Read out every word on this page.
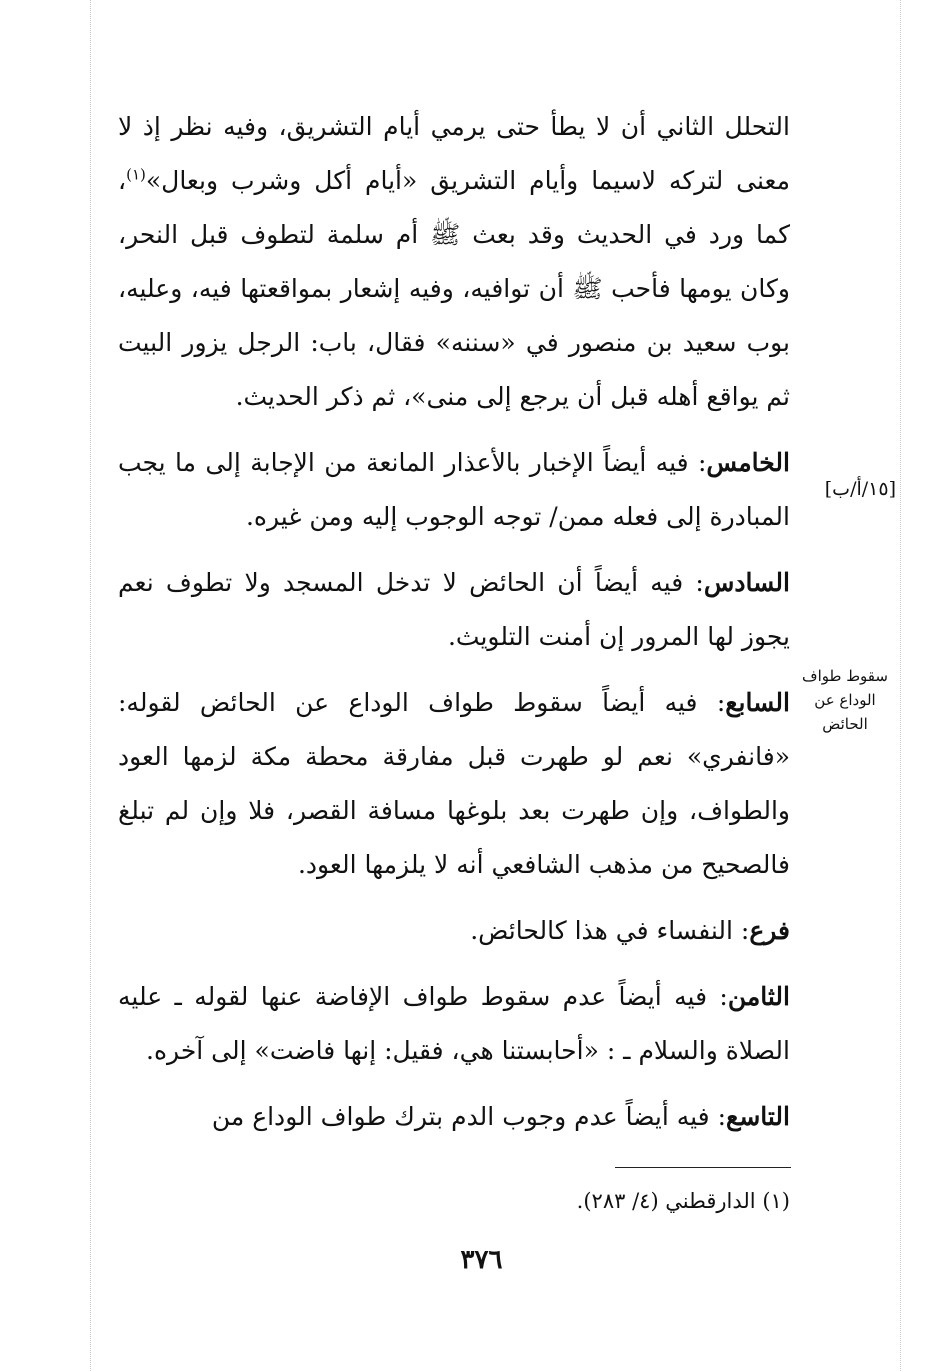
التحلل الثاني أن لا يطأ حتى يرمي أيام التشريق، وفيه نظر إذ لا معنى لتركه لاسيما وأيام التشريق «أيام أكل وشرب وبعال»$^{(١)}$، كما ورد في الحديث وقد بعث ﷺ أم سلمة لتطوف قبل النحر، وكان يومها فأحب ﷺ أن توافيه، وفيه إشعار بمواقعتها فيه، وعليه، بوب سعيد بن منصور في «سننه» فقال، باب: الرجل يزور البيت ثم يواقع أهله قبل أن يرجع إلى منى»، ثم ذكر الحديث.

الخامس: فيه أيضاً الإخبار بالأعذار المانعة من الإجابة إلى ما يجب المبادرة إلى فعله ممن/ توجه الوجوب إليه ومن غيره.

السادس: فيه أيضاً أن الحائض لا تدخل المسجد ولا تطوف نعم يجوز لها المرور إن أمنت التلويث.

السابع: فيه أيضاً سقوط طواف الوداع عن الحائض لقوله: «فانفري» نعم لو طهرت قبل مفارقة محطة مكة لزمها العود والطواف، وإن طهرت بعد بلوغها مسافة القصر، فلا وإن لم تبلغ فالصحيح من مذهب الشافعي أنه لا يلزمها العود.

فرع: النفساء في هذا كالحائض.

الثامن: فيه أيضاً عدم سقوط طواف الإفاضة عنها لقوله ـ عليه الصلاة والسلام ـ : «أحابستنا هي، فقيل: إنها فاضت» إلى آخره.

التاسع: فيه أيضاً عدم وجوب الدم بترك طواف الوداع من

[١٥/أ/ب]
سقوط طواف
الوداع عن
الحائض
(١) الدارقطني (٤/ ٢٨٣).
٣٧٦
